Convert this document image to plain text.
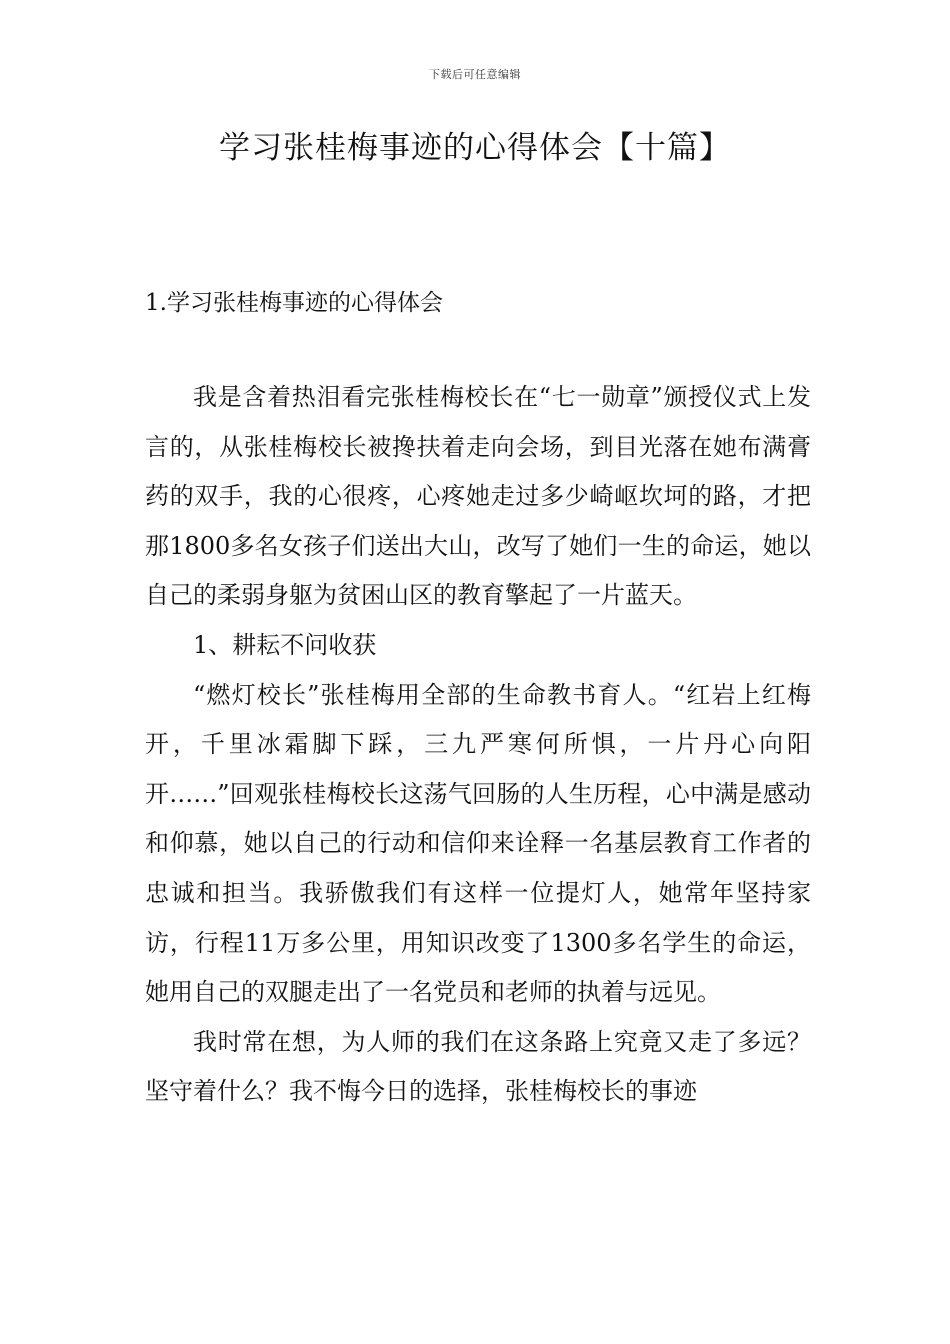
下载后可任意编辑
学习张桂梅事迹的心得体会【十篇】
1.学习张桂梅事迹的心得体会

我是含着热泪看完张桂梅校长在“七一勋章”颁授仪式上发言的，从张桂梅校长被搀扶着走向会场，到目光落在她布满膏药的双手，我的心很疼，心疼她走过多少崎岖坎坷的路，才把那1800多名女孩子们送出大山，改写了她们一生的命运，她以自己的柔弱身躯为贫困山区的教育擎起了一片蓝天。

1、耕耘不问收获

“燃灯校长”张桂梅用全部的生命教书育人。“红岩上红梅开，千里冰霜脚下踩，三九严寒何所惧，一片丹心向阳开……”回观张桂梅校长这荡气回肠的人生历程，心中满是感动和仰慕，她以自己的行动和信仰来诠释一名基层教育工作者的忠诚和担当。我骄傲我们有这样一位提灯人，她常年坚持家访，行程11万多公里，用知识改变了1300多名学生的命运，她用自己的双腿走出了一名党员和老师的执着与远见。

我时常在想，为人师的我们在这条路上究竟又走了多远？坚守着什么？我不悔今日的选择，张桂梅校长的事迹
